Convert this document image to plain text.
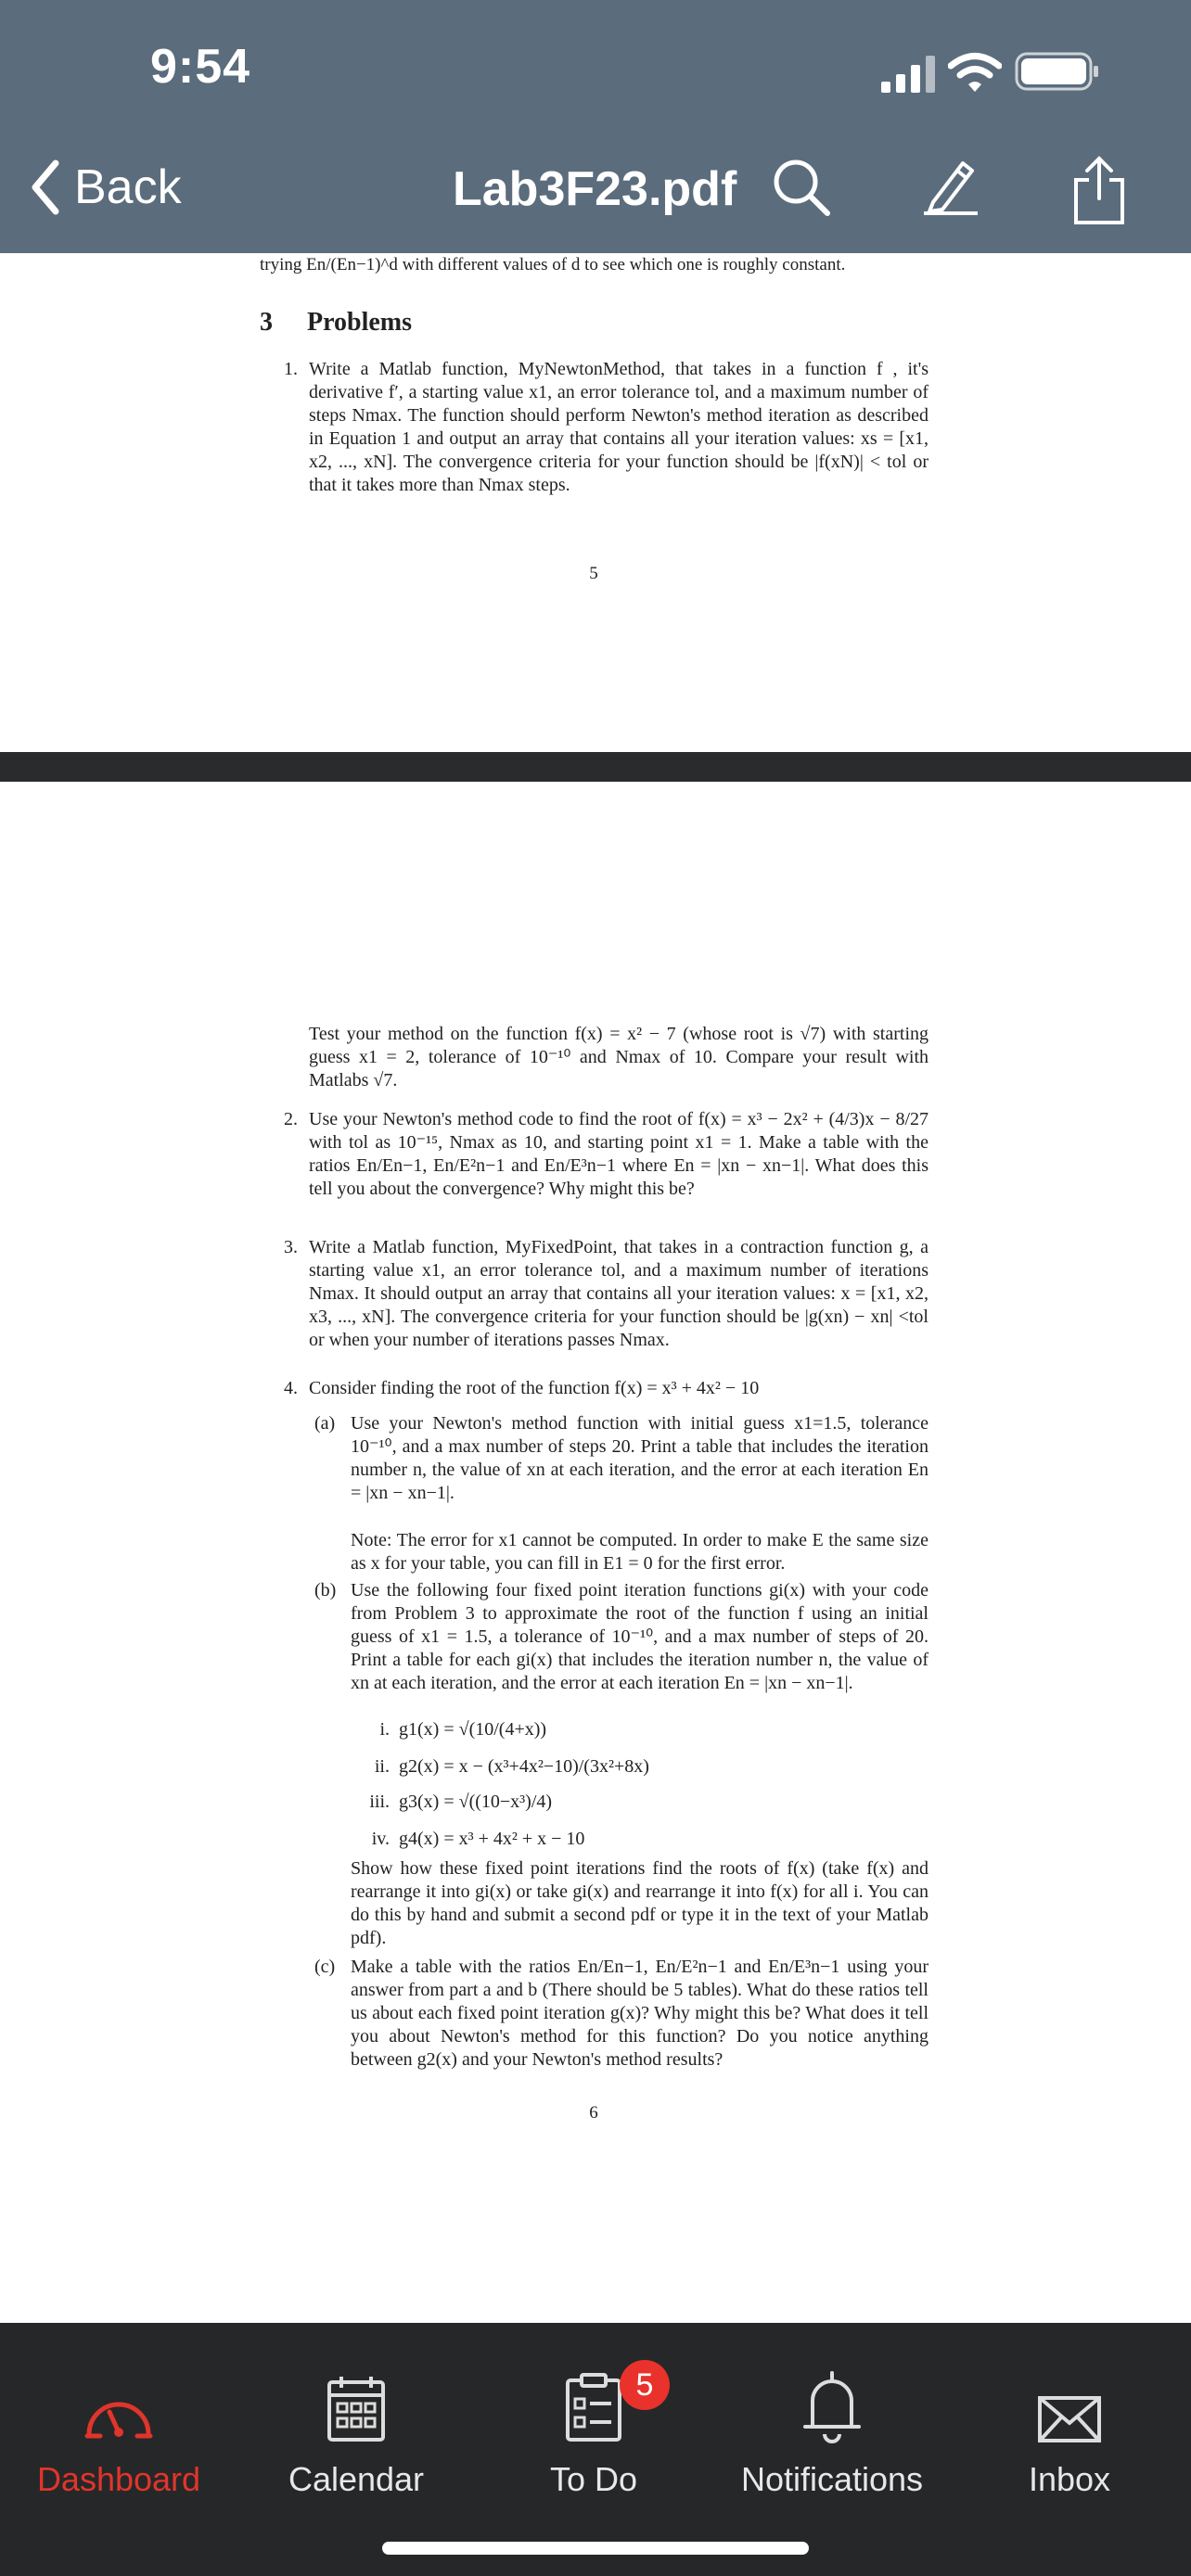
9:54
Back	Lab3F23.pdf
trying En/(En−1)^d with different values of d to see which one is roughly constant.
3 Problems
1. Write a Matlab function, MyNewtonMethod, that takes in a function f , it's derivative f′, a starting value x1, an error tolerance tol, and a maximum number of steps Nmax. The function should perform Newton's method iteration as described in Equation 1 and output an array that contains all your iteration values: xs = [x1, x2, ..., xN]. The convergence criteria for your function should be |f(xN)| < tol or that it takes more than Nmax steps.
5
Test your method on the function f(x) = x² − 7 (whose root is √7) with starting guess x1 = 2, tolerance of 10⁻¹⁰ and Nmax of 10. Compare your result with Matlabs √7.
2. Use your Newton's method code to find the root of f(x) = x³ − 2x² + (4/3)x − 8/27 with tol as 10⁻¹⁵, Nmax as 10, and starting point x1 = 1. Make a table with the ratios En/En−1, En/E²n−1 and En/E³n−1 where En = |xn − xn−1|. What does this tell you about the convergence? Why might this be?
3. Write a Matlab function, MyFixedPoint, that takes in a contraction function g, a starting value x1, an error tolerance tol, and a maximum number of iterations Nmax. It should output an array that contains all your iteration values: x = [x1, x2, x3, ..., xN]. The convergence criteria for your function should be |g(xn) − xn| <tol or when your number of iterations passes Nmax.
4. Consider finding the root of the function f(x) = x³ + 4x² − 10
(a) Use your Newton's method function with initial guess x1=1.5, tolerance 10⁻¹⁰, and a max number of steps 20. Print a table that includes the iteration number n, the value of xn at each iteration, and the error at each iteration En = |xn − xn−1|.
Note: The error for x1 cannot be computed. In order to make E the same size as x for your table, you can fill in E1 = 0 for the first error.
(b) Use the following four fixed point iteration functions gi(x) with your code from Problem 3 to approximate the root of the function f using an initial guess of x1 = 1.5, a tolerance of 10⁻¹⁰, and a max number of steps of 20. Print a table for each gi(x) that includes the iteration number n, the value of xn at each iteration, and the error at each iteration En = |xn − xn−1|.
i. g1(x) = √(10/(4+x))
ii. g2(x) = x − (x³+4x²−10)/(3x²+8x)
iii. g3(x) = √((10−x³)/4)
iv. g4(x) = x³ + 4x² + x − 10
Show how these fixed point iterations find the roots of f(x) (take f(x) and rearrange it into gi(x) or take gi(x) and rearrange it into f(x) for all i. You can do this by hand and submit a second pdf or type it in the text of your Matlab pdf).
(c) Make a table with the ratios En/En−1, En/E²n−1 and En/E³n−1 using your answer from part a and b (There should be 5 tables). What do these ratios tell us about each fixed point iteration g(x)? Why might this be? What does it tell you about Newton's method for this function? Do you notice anything between g2(x) and your Newton's method results?
6
Dashboard	Calendar
5
To Do	Notifications	Inbox
